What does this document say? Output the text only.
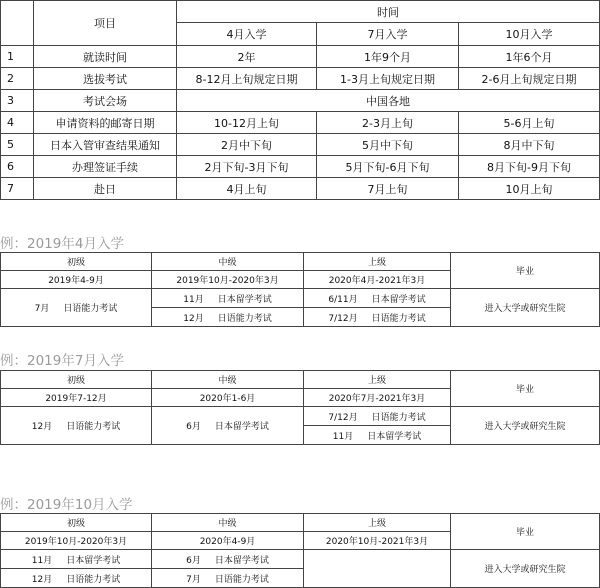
	项目	时间		
		4月入学	7月入学	10月入学
1	就读时间	2年	1年9个月	1年6个月
2	选拔考试	8-12月上旬规定日期	1-3月上旬规定日期	2-6月上旬规定日期
3	考试会场	中国各地		
4	申请资料的邮寄日期	10-12月上旬	2-3月上旬	5-6月上旬
5	日本入管审查结果通知	2月中下旬	5月中下旬	8月中下旬
6	办理签证手续	2月下旬-3月下旬	5月下旬-6月下旬	8月下旬-9月下旬
7	赴日	4月上旬	7月上旬	10月上旬
例：2019年4月入学
初级	中级	上级	毕业
2019年4-9月	2019年10月-2020年3月	2020年4月-2021年3月	
7月 日语能力考试	11月 日本留学考试	6/11月 日本留学考试	进入大学或研究生院
	12月 日语能力考试	7/12月 日语能力考试	
例：2019年7月入学
初级	中级	上级	毕业
2019年7-12月	2020年1-6月	2020年7月-2021年3月	
12月 日语能力考试	6月 日本留学考试	7/12月 日语能力考试	进入大学或研究生院
		11月 日本留学考试	
例：2019年10月入学
初级	中级	上级	毕业
2019年10月-2020年3月	2020年4-9月	2020年10月-2021年3月	
11月 日本留学考试	6月 日本留学考试		进入大学或研究生院
12月 日语能力考试	7月 日语能力考试		
